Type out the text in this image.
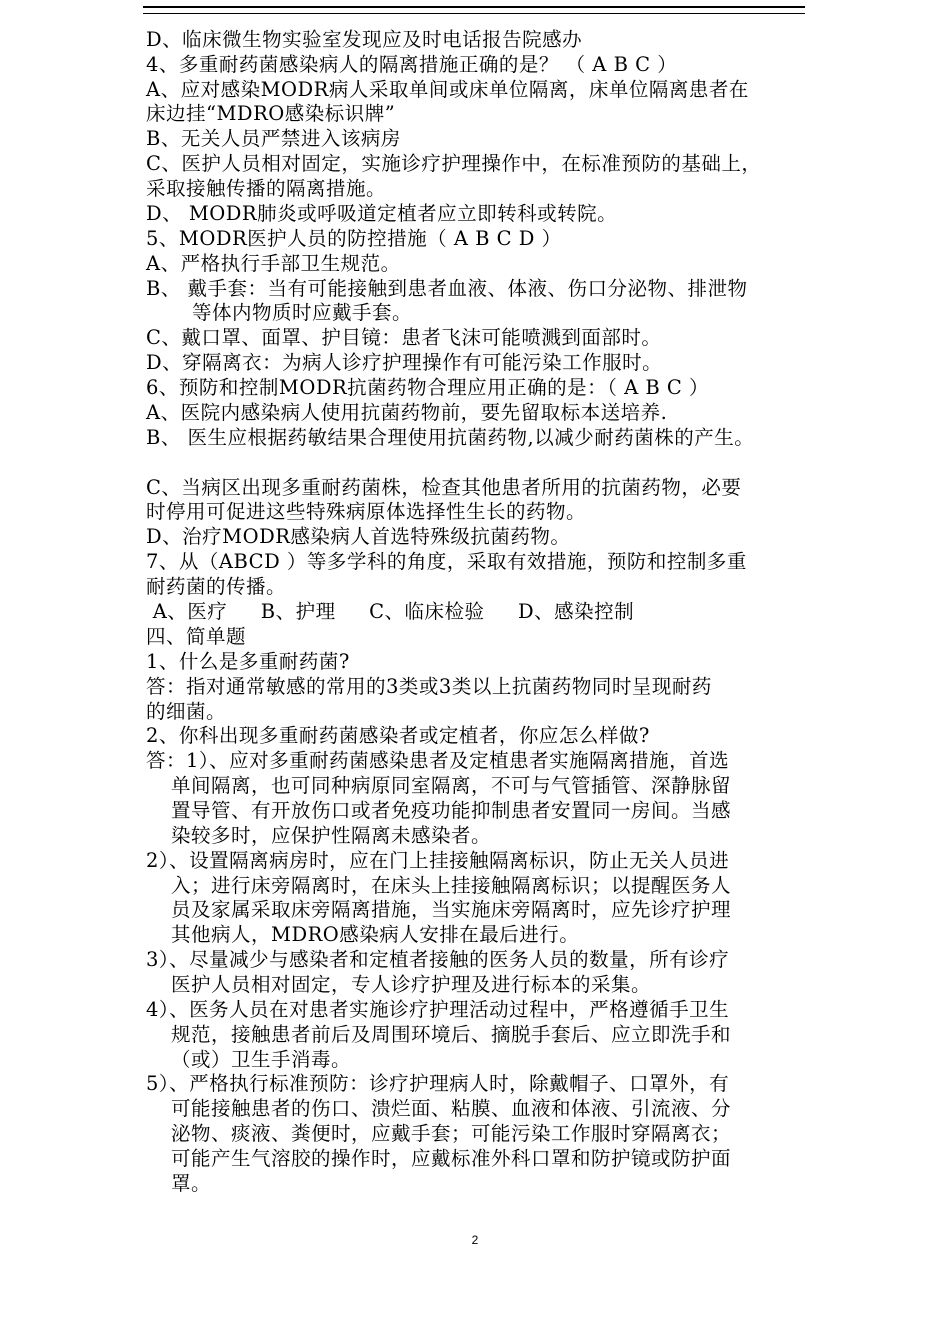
D、临床微生物实验室发现应及时电话报告院感办
4、多重耐药菌感染病人的隔离措施正确的是？ （ A B C ）
A、应对感染MODR病人采取单间或床单位隔离，床单位隔离患者在
床边挂“MDRO感染标识牌”
B、无关人员严禁进入该病房
C、医护人员相对固定，实施诊疗护理操作中，在标准预防的基础上，
采取接触传播的隔离措施。
D、 MODR肺炎或呼吸道定植者应立即转科或转院。
5、MODR医护人员的防控措施（ A B C D ）
A、严格执行手部卫生规范。
B、 戴手套：当有可能接触到患者血液、体液、伤口分泌物、排泄物
等体内物质时应戴手套。
C、戴口罩、面罩、护目镜：患者飞沫可能喷溅到面部时。
D、穿隔离衣：为病人诊疗护理操作有可能污染工作服时。
6、预防和控制MODR抗菌药物合理应用正确的是：（ A B C ）
A、医院内感染病人使用抗菌药物前，要先留取标本送培养.
B、 医生应根据药敏结果合理使用抗菌药物,以减少耐药菌株的产生。
C、当病区出现多重耐药菌株，检查其他患者所用的抗菌药物，必要
时停用可促进这些特殊病原体选择性生长的药物。
D、治疗MODR感染病人首选特殊级抗菌药物。
7、从（ABCD ）等多学科的角度，采取有效措施，预防和控制多重
耐药菌的传播。
A、医疗     B、护理     C、临床检验     D、感染控制
四、简单题
1、什么是多重耐药菌?
答：指对通常敏感的常用的3类或3类以上抗菌药物同时呈现耐药
的细菌。
2、你科出现多重耐药菌感染者或定植者，你应怎么样做?
答：1）、应对多重耐药菌感染患者及定植患者实施隔离措施，首选
单间隔离，也可同种病原同室隔离，不可与气管插管、深静脉留
置导管、有开放伤口或者免疫功能抑制患者安置同一房间。当感
染较多时，应保护性隔离未感染者。
2）、设置隔离病房时，应在门上挂接触隔离标识，防止无关人员进
入；进行床旁隔离时，在床头上挂接触隔离标识；以提醒医务人
员及家属采取床旁隔离措施，当实施床旁隔离时，应先诊疗护理
其他病人，MDRO感染病人安排在最后进行。
3）、尽量减少与感染者和定植者接触的医务人员的数量，所有诊疗
医护人员相对固定，专人诊疗护理及进行标本的采集。
4）、医务人员在对患者实施诊疗护理活动过程中，严格遵循手卫生
规范，接触患者前后及周围环境后、摘脱手套后、应立即洗手和
（或）卫生手消毒。
5）、严格执行标准预防：诊疗护理病人时，除戴帽子、口罩外，有
可能接触患者的伤口、溃烂面、粘膜、血液和体液、引流液、分
泌物、痰液、粪便时，应戴手套；可能污染工作服时穿隔离衣；
可能产生气溶胶的操作时，应戴标准外科口罩和防护镜或防护面
罩。
2
